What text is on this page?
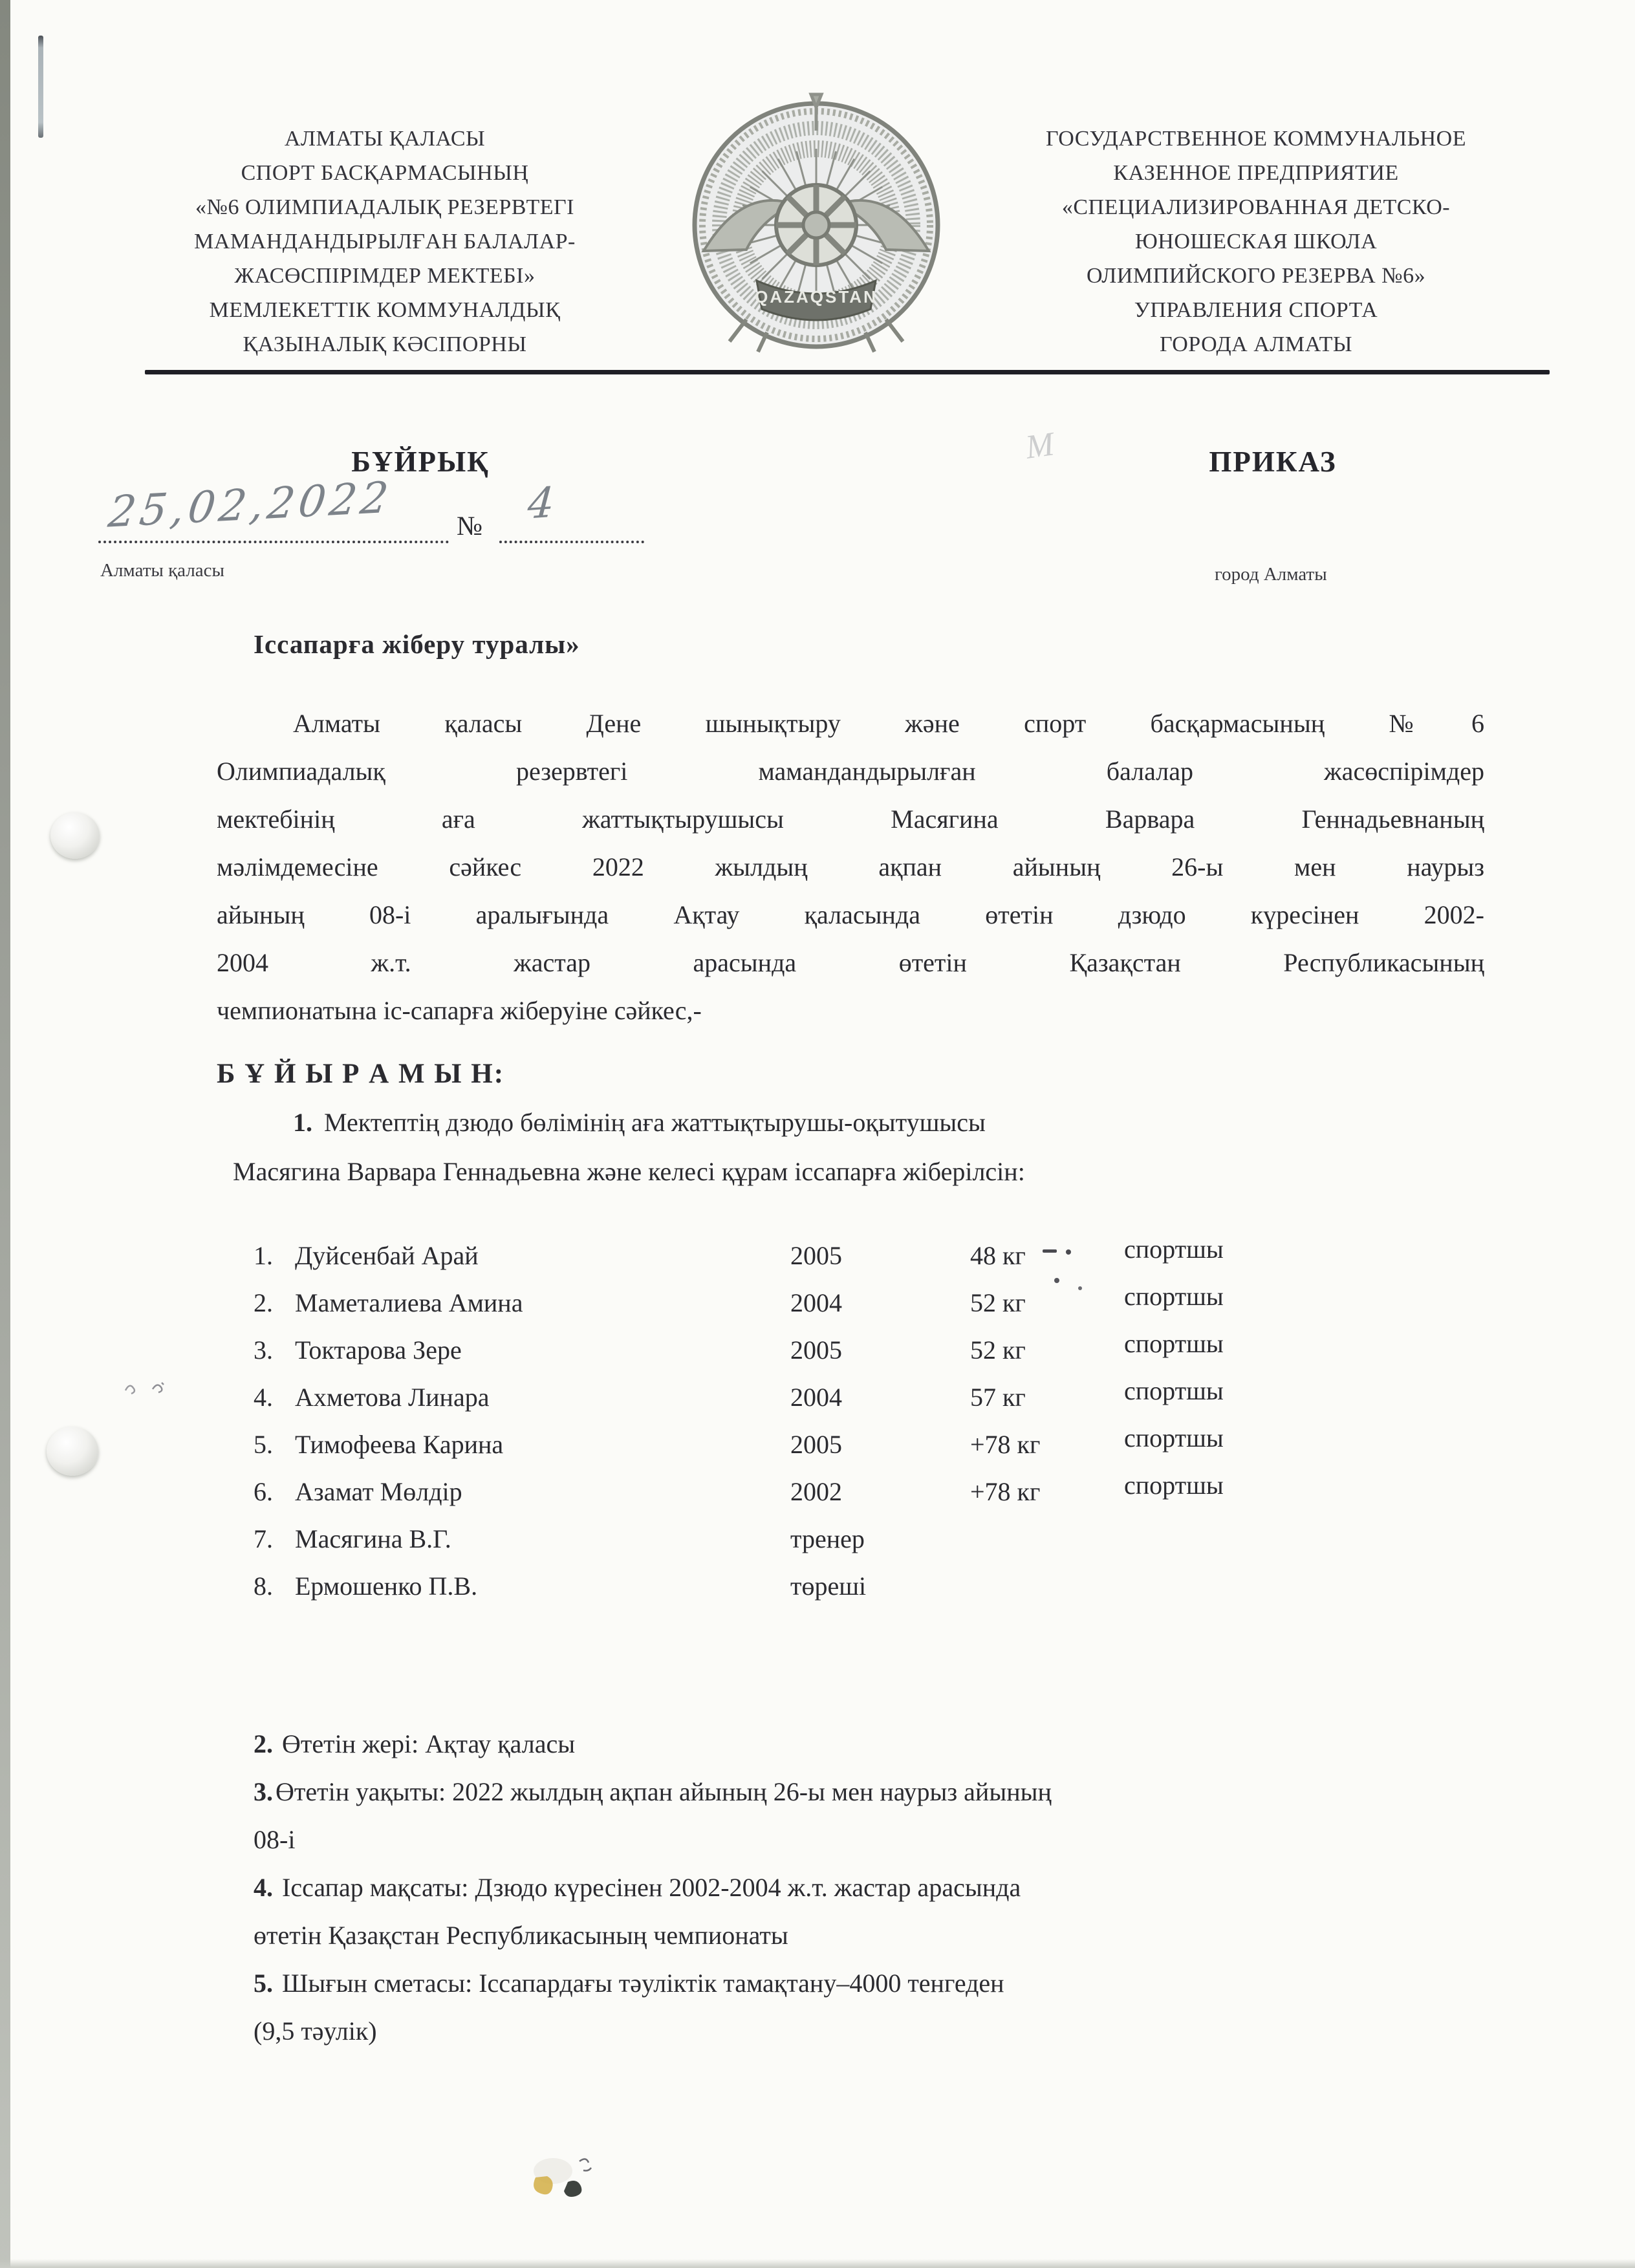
М
АЛМАТЫ ҚАЛАСЫ
СПОРТ БАСҚАРМАСЫНЫҢ
«№6 ОЛИМПИАДАЛЫҚ РЕЗЕРВТЕГІ
МАМАНДАНДЫРЫЛҒАН БАЛАЛАР-
ЖАСӨСПІРІМДЕР МЕКТЕБІ»
МЕМЛЕКЕТТІК КОММУНАЛДЫҚ
ҚАЗЫНАЛЫҚ КӘСІПОРНЫ
QAZAQSTAN
ГОСУДАРСТВЕННОЕ КОММУНАЛЬНОЕ
КАЗЕННОЕ ПРЕДПРИЯТИЕ
«СПЕЦИАЛИЗИРОВАННАЯ ДЕТСКО-
ЮНОШЕСКАЯ ШКОЛА
ОЛИМПИЙСКОГО РЕЗЕРВА №6»
УПРАВЛЕНИЯ СПОРТА
ГОРОДА АЛМАТЫ
БҰЙРЫҚ	ПРИКАЗ
25,02,2022 № 4
Алматы қаласы	город Алматы
Іссапарға жіберу туралы»
Алматы қаласы Дене шынықтыру және спорт басқармасының №6
Олимпиадалық резервтегі мамандандырылған балалар жасөспірімдер
мектебінің аға жаттықтырушысы Масягина Варвара Геннадьевнаның
мәлімдемесіне сәйкес 2022 жылдың ақпан айының 26-ы мен наурыз
айының 08-і аралығында Ақтау қаласында өтетін дзюдо күресінен 2002-
2004 ж.т. жастар арасында өтетін Қазақстан Республикасының
чемпионатына іс-сапарға жіберуіне сәйкес,-
Б Ұ Й Ы Р А М Ы Н:
1. Мектептің дзюдо бөлімінің аға жаттықтырушы-оқытушысы
Масягина Варвара Геннадьевна және келесі құрам іссапарға жіберілсін:
1. Дуйсенбай Арай	2005	48 кг	спортшы
2. Маметалиева Амина	2004	52 кг	спортшы
3. Токтарова Зере	2005	52 кг	спортшы
4. Ахметова Линара	2004	57 кг	спортшы
5. Тимофеева Карина	2005	+78 кг	спортшы
6. Азамат Мөлдір	2002	+78 кг	спортшы
7. Масягина В.Г.	тренер
8. Ермошенко П.В.	төреші
2. Өтетін жері: Ақтау қаласы
3. Өтетін уақыты: 2022 жылдың ақпан айының 26-ы мен наурыз айының
08-і
4. Іссапар мақсаты: Дзюдо күресінен 2002-2004 ж.т. жастар арасында
өтетін Қазақстан Республикасының чемпионаты
5. Шығын сметасы: Іссапардағы тәуліктік тамақтану–4000 тенгеден
(9,5 тәулік)
